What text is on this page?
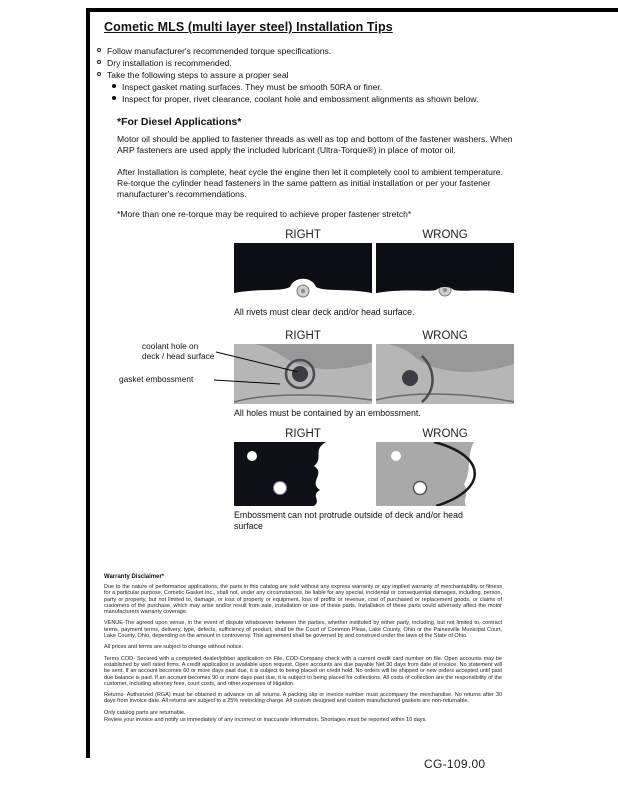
Cometic MLS (multi layer steel) Installation Tips
Follow manufacturer's recommended torque specifications.
Dry installation is recommended.
Take the following steps to assure a proper seal
Inspect gasket mating surfaces. They must be smooth 50RA or finer.
Inspect for proper, rivet clearance, coolant hole and embossment alignments as shown below.
*For Diesel Applications*

Motor oil should be applied to fastener threads as well as top and bottom of the fastener washers. When ARP fasteners are used apply the included lubricant (Ultra-Torque®) in place of motor oil.

After Installation is complete, heat cycle the engine then let it completely cool to ambient temperature. Re-torque the cylinder head fasteners in the same pattern as initial installation or per your fastener manufacturer's recommendations.

*More than one re-torque may be required to achieve proper fastener stretch*

RIGHT	WRONG
All rivets must clear deck and/or head surface.
RIGHT	WRONG
All holes must be contained by an embossment.
coolant hole on deck / head surface
gasket embossment
RIGHT	WRONG
Embossment can not protrude outside of deck and/or head surface
Warranty Disclaimer*

Due to the nature of performance applications, the parts in this catalog are sold without any express warranty or any implied warranty of merchantability or fitness for a particular purpose. Cometic Gasket Inc., shall not, under any circumstances, be liable for any special, incidental or consequential damages, including, person, party or property, but not limited to, damage, or loss of property or equipment, loss of profits or revenue, cost of purchased or replacement goods, or claims of customers of the purchase, which may arise and/or result from sale, installation or use of these parts. Installation of these parts could adversely affect the motor manufacturers warranty coverage.

VENUE-The agreed upon venue, in the event of dispute whatsoever between the parties, whether instituted by either party, including, but not limited to, contract terms, payment terms, delivery, type, defects, sufficiency of product, shall be the Court of Common Pleas, Lake County, Ohio or the Painesville Municipal Court, Lake County, Ohio, depending on the amount in controversy. This agreement shall be governed by and construed under the laws of the State of Ohio.

All prices and terms are subject to change without notice.

Terms COD- Secured with a completed dealer/jobber application on File, COD-Company check with a current credit card number on file. Open accounts may be established by well rated firms. A credit application is available upon request. Open accounts are due payable Net 30 days from date of invoice. No statement will be sent. If an account becomes 60 or more days past due, it is subject to being placed on credit hold. No orders will be shipped or new orders accepted until past due balance is paid. If an account becomes 90 or more days past due, it is subject to being placed for collections. All costs of collection are the responsibility of the customer, including attorney fees, court costs, and other expenses of litigation.

Returns- Authorized (RGA) must be obtained in advance on all returns. A packing slip or invoice number must accompany the merchandise. No returns after 30 days from invoice date. All returns are subject to a 25% restocking charge. All custom designed and custom manufactured gaskets are non-returnable.

Only catalog parts are returnable.

Review your invoice and notify us immediately of any incorrect or inaccurate information. Shortages must be reported within 10 days.

CG-109.00
